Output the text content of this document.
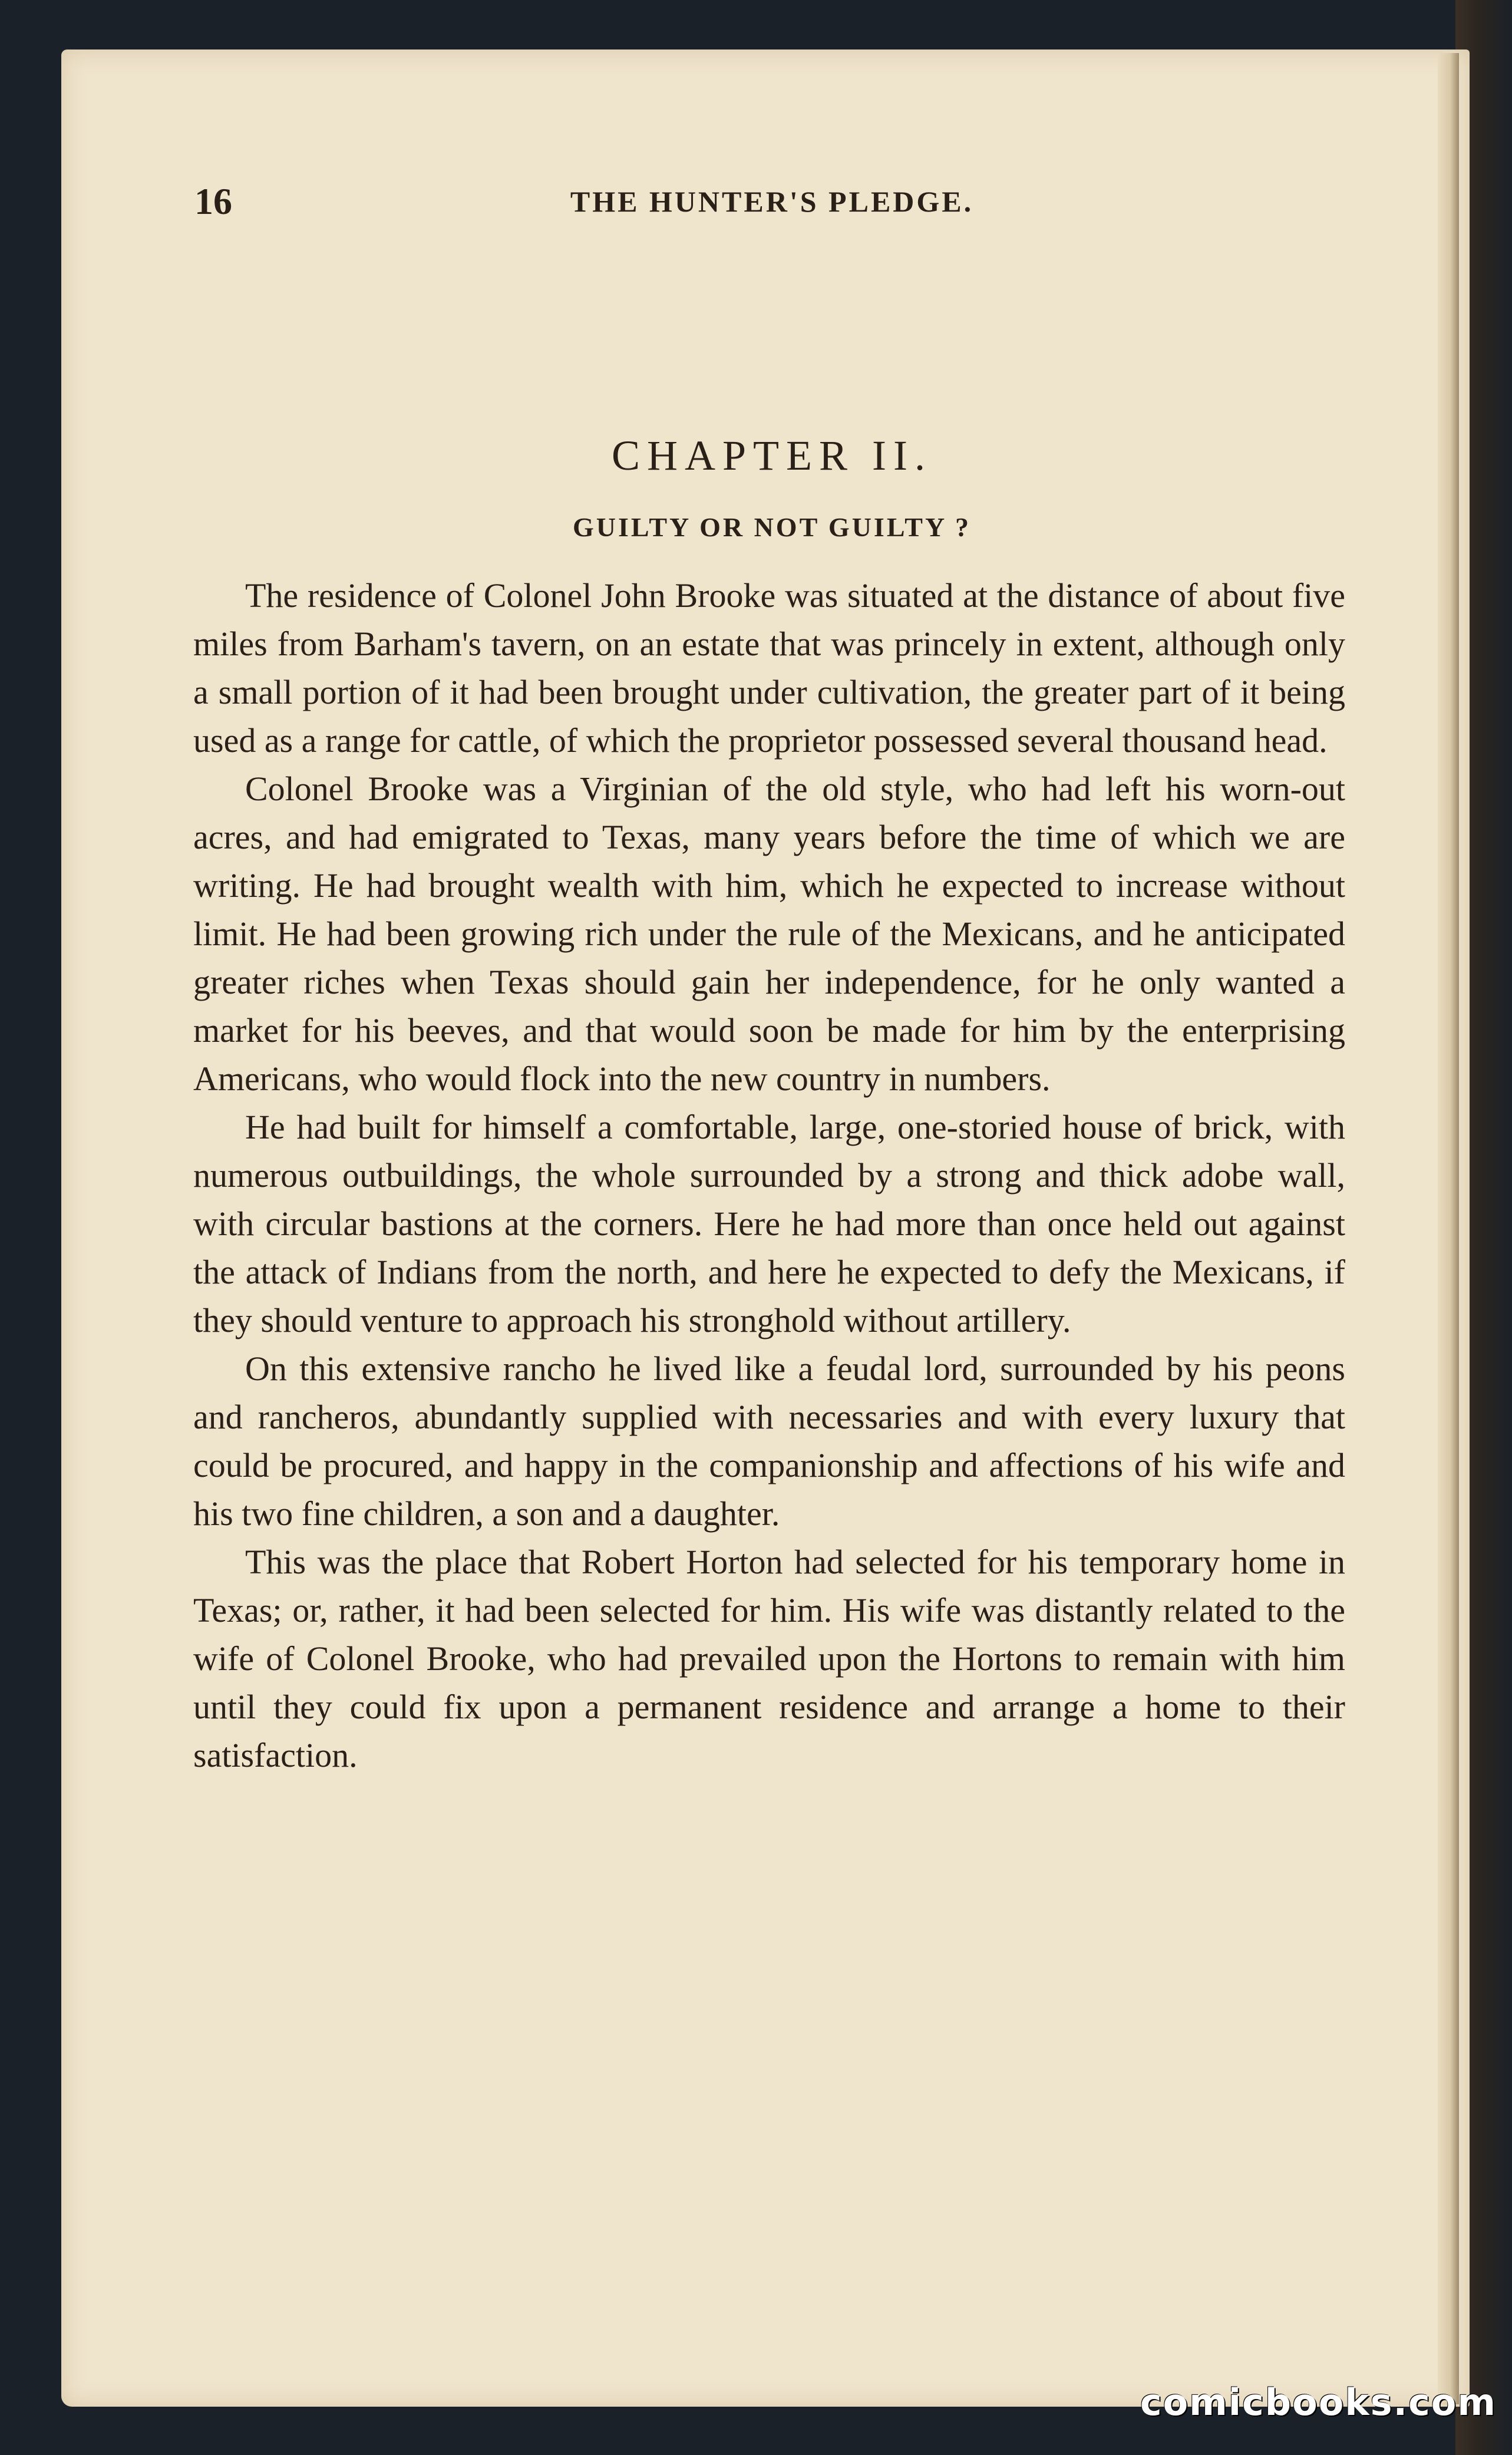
16	THE HUNTER'S PLEDGE.
CHAPTER II.
GUILTY OR NOT GUILTY ?

The residence of Colonel John Brooke was situated at the distance of about five miles from Barham's tavern, on an estate that was princely in extent, although only a small portion of it had been brought under cultivation, the greater part of it being used as a range for cattle, of which the proprietor possessed several thousand head.

Colonel Brooke was a Virginian of the old style, who had left his worn-out acres, and had emigrated to Texas, many years before the time of which we are writing. He had brought wealth with him, which he expected to increase without limit. He had been growing rich under the rule of the Mexicans, and he anticipated greater riches when Texas should gain her independence, for he only wanted a market for his beeves, and that would soon be made for him by the enterprising Americans, who would flock into the new country in numbers.

He had built for himself a comfortable, large, one-storied house of brick, with numerous outbuildings, the whole surrounded by a strong and thick adobe wall, with circular bastions at the corners. Here he had more than once held out against the attack of Indians from the north, and here he expected to defy the Mexicans, if they should venture to approach his stronghold without artillery.

On this extensive rancho he lived like a feudal lord, surrounded by his peons and rancheros, abundantly supplied with necessaries and with every luxury that could be procured, and happy in the companionship and affections of his wife and his two fine children, a son and a daughter.

This was the place that Robert Horton had selected for his temporary home in Texas; or, rather, it had been selected for him. His wife was distantly related to the wife of Colonel Brooke, who had prevailed upon the Hortons to remain with him until they could fix upon a permanent residence and arrange a home to their satisfaction.

comicbooks.com
